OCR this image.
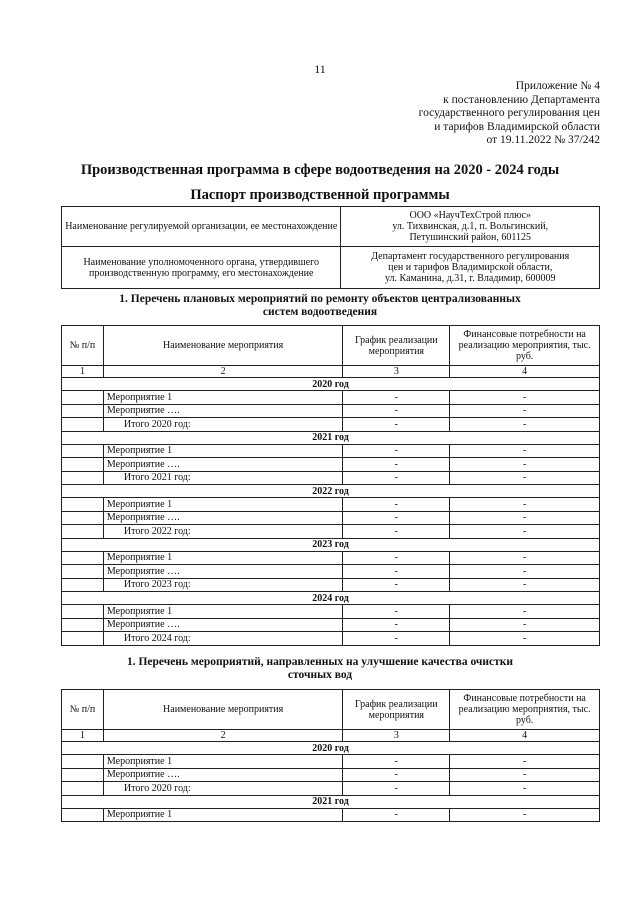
11
Приложение № 4
к постановлению Департамента
государственного регулирования цен
и тарифов Владимирской области
от 19.11.2022 № 37/242
Производственная программа в сфере водоотведения на 2020 - 2024 годы
Паспорт производственной программы
Наименование регулируемой организации, ее местонахождение	ООО «НаучТехСтрой плюс»
ул. Тихвинская, д.1, п. Вольгинский,
Петушинский район, 601125

Наименование уполномоченного органа, утвердившего производственную программу, его местонахождение	Департамент государственного регулирования
цен и тарифов Владимирской области,
ул. Каманина, д.31, г. Владимир, 600009
1. Перечень плановых мероприятий по ремонту объектов централизованных
систем водоотведения
№ п/п	Наименование мероприятия	График реализации мероприятия	Финансовые потребности на реализацию мероприятия, тыс. руб.
1	2	3	4
2020 год			
	Мероприятие 1	-	-
	Мероприятие ….	-	-
	Итого 2020 год:	-	-
2021 год			
	Мероприятие 1	-	-
	Мероприятие ….	-	-
	Итого 2021 год:	-	-
2022 год			
	Мероприятие 1	-	-
	Мероприятие ….	-	-
	Итого 2022 год:	-	-
2023 год			
	Мероприятие 1	-	-
	Мероприятие ….	-	-
	Итого 2023 год:	-	-
2024 год			
	Мероприятие 1	-	-
	Мероприятие ….	-	-
	Итого 2024 год:	-	-
1. Перечень мероприятий, направленных на улучшение качества очистки
сточных вод
№ п/п	Наименование мероприятия	График реализации мероприятия	Финансовые потребности на реализацию мероприятия, тыс. руб.
1	2	3	4
2020 год			
	Мероприятие 1	-	-
	Мероприятие ….	-	-
	Итого 2020 год:	-	-
2021 год			
	Мероприятие 1	-	-
